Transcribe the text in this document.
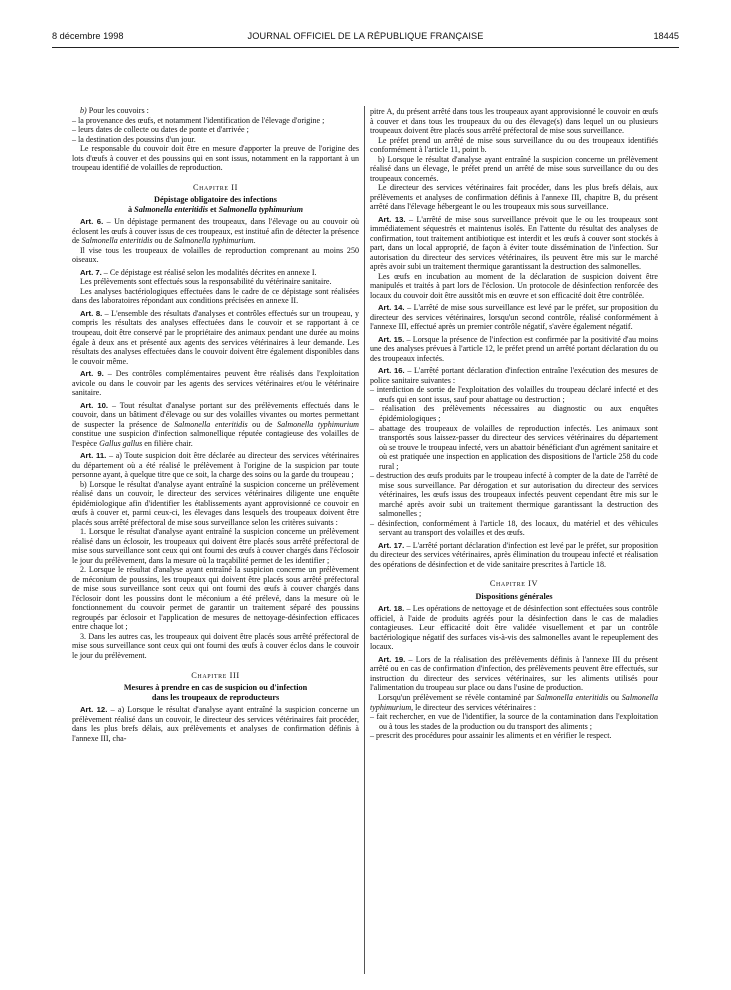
8 décembre 1998	JOURNAL OFFICIEL DE LA RÉPUBLIQUE FRANÇAISE	18445

b) Pour les couvoirs :

– la provenance des œufs, et notamment l'identification de l'élevage d'origine ;

– leurs dates de collecte ou dates de ponte et d'arrivée ;

– la destination des poussins d'un jour.

Le responsable du couvoir doit être en mesure d'apporter la preuve de l'origine des lots d'œufs à couver et des poussins qui en sont issus, notamment en la rapportant à un troupeau identifié de volailles de reproduction.

Chapitre II

Dépistage obligatoire des infections
à Salmonella enteritidis et Salmonella typhimurium

Art. 6. – Un dépistage permanent des troupeaux, dans l'élevage ou au couvoir où éclosent les œufs à couver issus de ces troupeaux, est institué afin de détecter la présence de Salmonella enteritidis ou de Salmonella typhimurium.

Il vise tous les troupeaux de volailles de reproduction comprenant au moins 250 oiseaux.

Art. 7. – Ce dépistage est réalisé selon les modalités décrites en annexe I.

Les prélèvements sont effectués sous la responsabilité du vétérinaire sanitaire.

Les analyses bactériologiques effectuées dans le cadre de ce dépistage sont réalisées dans des laboratoires répondant aux conditions précisées en annexe II.

Art. 8. – L'ensemble des résultats d'analyses et contrôles effectués sur un troupeau, y compris les résultats des analyses effectuées dans le couvoir et se rapportant à ce troupeau, doit être conservé par le propriétaire des animaux pendant une durée au moins égale à deux ans et présenté aux agents des services vétérinaires à leur demande. Les résultats des analyses effectuées dans le couvoir doivent être également disponibles dans le couvoir même.

Art. 9. – Des contrôles complémentaires peuvent être réalisés dans l'exploitation avicole ou dans le couvoir par les agents des services vétérinaires et/ou le vétérinaire sanitaire.

Art. 10. – Tout résultat d'analyse portant sur des prélèvements effectués dans le couvoir, dans un bâtiment d'élevage ou sur des volailles vivantes ou mortes permettant de suspecter la présence de Salmonella enteritidis ou de Salmonella typhimurium constitue une suspicion d'infection salmonellique réputée contagieuse des volailles de l'espèce Gallus gallus en filière chair.

Art. 11. – a) Toute suspicion doit être déclarée au directeur des services vétérinaires du département où a été réalisé le prélèvement à l'origine de la suspicion par toute personne ayant, à quelque titre que ce soit, la charge des soins ou la garde du troupeau ;

b) Lorsque le résultat d'analyse ayant entraîné la suspicion concerne un prélèvement réalisé dans un couvoir, le directeur des services vétérinaires diligente une enquête épidémiologique afin d'identifier les établissements ayant approvisionné ce couvoir en œufs à couver et, parmi ceux-ci, les élevages dans lesquels des troupeaux doivent être placés sous arrêté préfectoral de mise sous surveillance selon les critères suivants :

1. Lorsque le résultat d'analyse ayant entraîné la suspicion concerne un prélèvement réalisé dans un éclosoir, les troupeaux qui doivent être placés sous arrêté préfectoral de mise sous surveillance sont ceux qui ont fourni des œufs à couver chargés dans l'éclosoir le jour du prélèvement, dans la mesure où la traçabilité permet de les identifier ;

2. Lorsque le résultat d'analyse ayant entraîné la suspicion concerne un prélèvement de méconium de poussins, les troupeaux qui doivent être placés sous arrêté préfectoral de mise sous surveillance sont ceux qui ont fourni des œufs à couver chargés dans l'éclosoir dont les poussins dont le méconium a été prélevé, dans la mesure où le fonctionnement du couvoir permet de garantir un traitement séparé des poussins regroupés par éclosoir et l'application de mesures de nettoyage-désinfection efficaces entre chaque lot ;

3. Dans les autres cas, les troupeaux qui doivent être placés sous arrêté préfectoral de mise sous surveillance sont ceux qui ont fourni des œufs à couver éclos dans le couvoir le jour du prélèvement.

Chapitre III

Mesures à prendre en cas de suspicion ou d'infection
dans les troupeaux de reproducteurs

Art. 12. – a) Lorsque le résultat d'analyse ayant entraîné la suspicion concerne un prélèvement réalisé dans un couvoir, le directeur des services vétérinaires fait procéder, dans les plus brefs délais, aux prélèvements et analyses de confirmation définis à l'annexe III, cha-

pitre A, du présent arrêté dans tous les troupeaux ayant approvisionné le couvoir en œufs à couver et dans tous les troupeaux du ou des élevage(s) dans lequel un ou plusieurs troupeaux doivent être placés sous arrêté préfectoral de mise sous surveillance.

Le préfet prend un arrêté de mise sous surveillance du ou des troupeaux identifiés conformément à l'article 11, point b.

b) Lorsque le résultat d'analyse ayant entraîné la suspicion concerne un prélèvement réalisé dans un élevage, le préfet prend un arrêté de mise sous surveillance du ou des troupeaux concernés.

Le directeur des services vétérinaires fait procéder, dans les plus brefs délais, aux prélèvements et analyses de confirmation définis à l'annexe III, chapitre B, du présent arrêté dans l'élevage hébergeant le ou les troupeaux mis sous surveillance.

Art. 13. – L'arrêté de mise sous surveillance prévoit que le ou les troupeaux sont immédiatement séquestrés et maintenus isolés. En l'attente du résultat des analyses de confirmation, tout traitement antibiotique est interdit et les œufs à couver sont stockés à part, dans un local approprié, de façon à éviter toute dissémination de l'infection. Sur autorisation du directeur des services vétérinaires, ils peuvent être mis sur le marché après avoir subi un traitement thermique garantissant la destruction des salmonelles.

Les œufs en incubation au moment de la déclaration de suspicion doivent être manipulés et traités à part lors de l'éclosion. Un protocole de désinfection renforcée des locaux du couvoir doit être aussitôt mis en œuvre et son efficacité doit être contrôlée.

Art. 14. – L'arrêté de mise sous surveillance est levé par le préfet, sur proposition du directeur des services vétérinaires, lorsqu'un second contrôle, réalisé conformément à l'annexe III, effectué après un premier contrôle négatif, s'avère également négatif.

Art. 15. – Lorsque la présence de l'infection est confirmée par la positivité d'au moins une des analyses prévues à l'article 12, le préfet prend un arrêté portant déclaration du ou des troupeaux infectés.

Art. 16. – L'arrêté portant déclaration d'infection entraîne l'exécution des mesures de police sanitaire suivantes :

– interdiction de sortie de l'exploitation des volailles du troupeau déclaré infecté et des œufs qui en sont issus, sauf pour abattage ou destruction ;

– réalisation des prélèvements nécessaires au diagnostic ou aux enquêtes épidémiologiques ;

– abattage des troupeaux de volailles de reproduction infectés. Les animaux sont transportés sous laissez-passer du directeur des services vétérinaires du département où se trouve le troupeau infecté, vers un abattoir bénéficiant d'un agrément sanitaire et où est pratiquée une inspection en application des dispositions de l'article 258 du code rural ;

– destruction des œufs produits par le troupeau infecté à compter de la date de l'arrêté de mise sous surveillance. Par dérogation et sur autorisation du directeur des services vétérinaires, les œufs issus des troupeaux infectés peuvent cependant être mis sur le marché après avoir subi un traitement thermique garantissant la destruction des salmonelles ;

– désinfection, conformément à l'article 18, des locaux, du matériel et des véhicules servant au transport des volailles et des œufs.

Art. 17. – L'arrêté portant déclaration d'infection est levé par le préfet, sur proposition du directeur des services vétérinaires, après élimination du troupeau infecté et réalisation des opérations de désinfection et de vide sanitaire prescrites à l'article 18.

Chapitre IV

Dispositions générales

Art. 18. – Les opérations de nettoyage et de désinfection sont effectuées sous contrôle officiel, à l'aide de produits agréés pour la désinfection dans le cas de maladies contagieuses. Leur efficacité doit être validée visuellement et par un contrôle bactériologique négatif des surfaces vis-à-vis des salmonelles avant le repeuplement des locaux.

Art. 19. – Lors de la réalisation des prélèvements définis à l'annexe III du présent arrêté ou en cas de confirmation d'infection, des prélèvements peuvent être effectués, sur instruction du directeur des services vétérinaires, sur les aliments utilisés pour l'alimentation du troupeau sur place ou dans l'usine de production.

Lorsqu'un prélèvement se révèle contaminé par Salmonella enteritidis ou Salmonella typhimurium, le directeur des services vétérinaires :

– fait rechercher, en vue de l'identifier, la source de la contamination dans l'exploitation ou à tous les stades de la production ou du transport des aliments ;

– prescrit des procédures pour assainir les aliments et en vérifier le respect.
